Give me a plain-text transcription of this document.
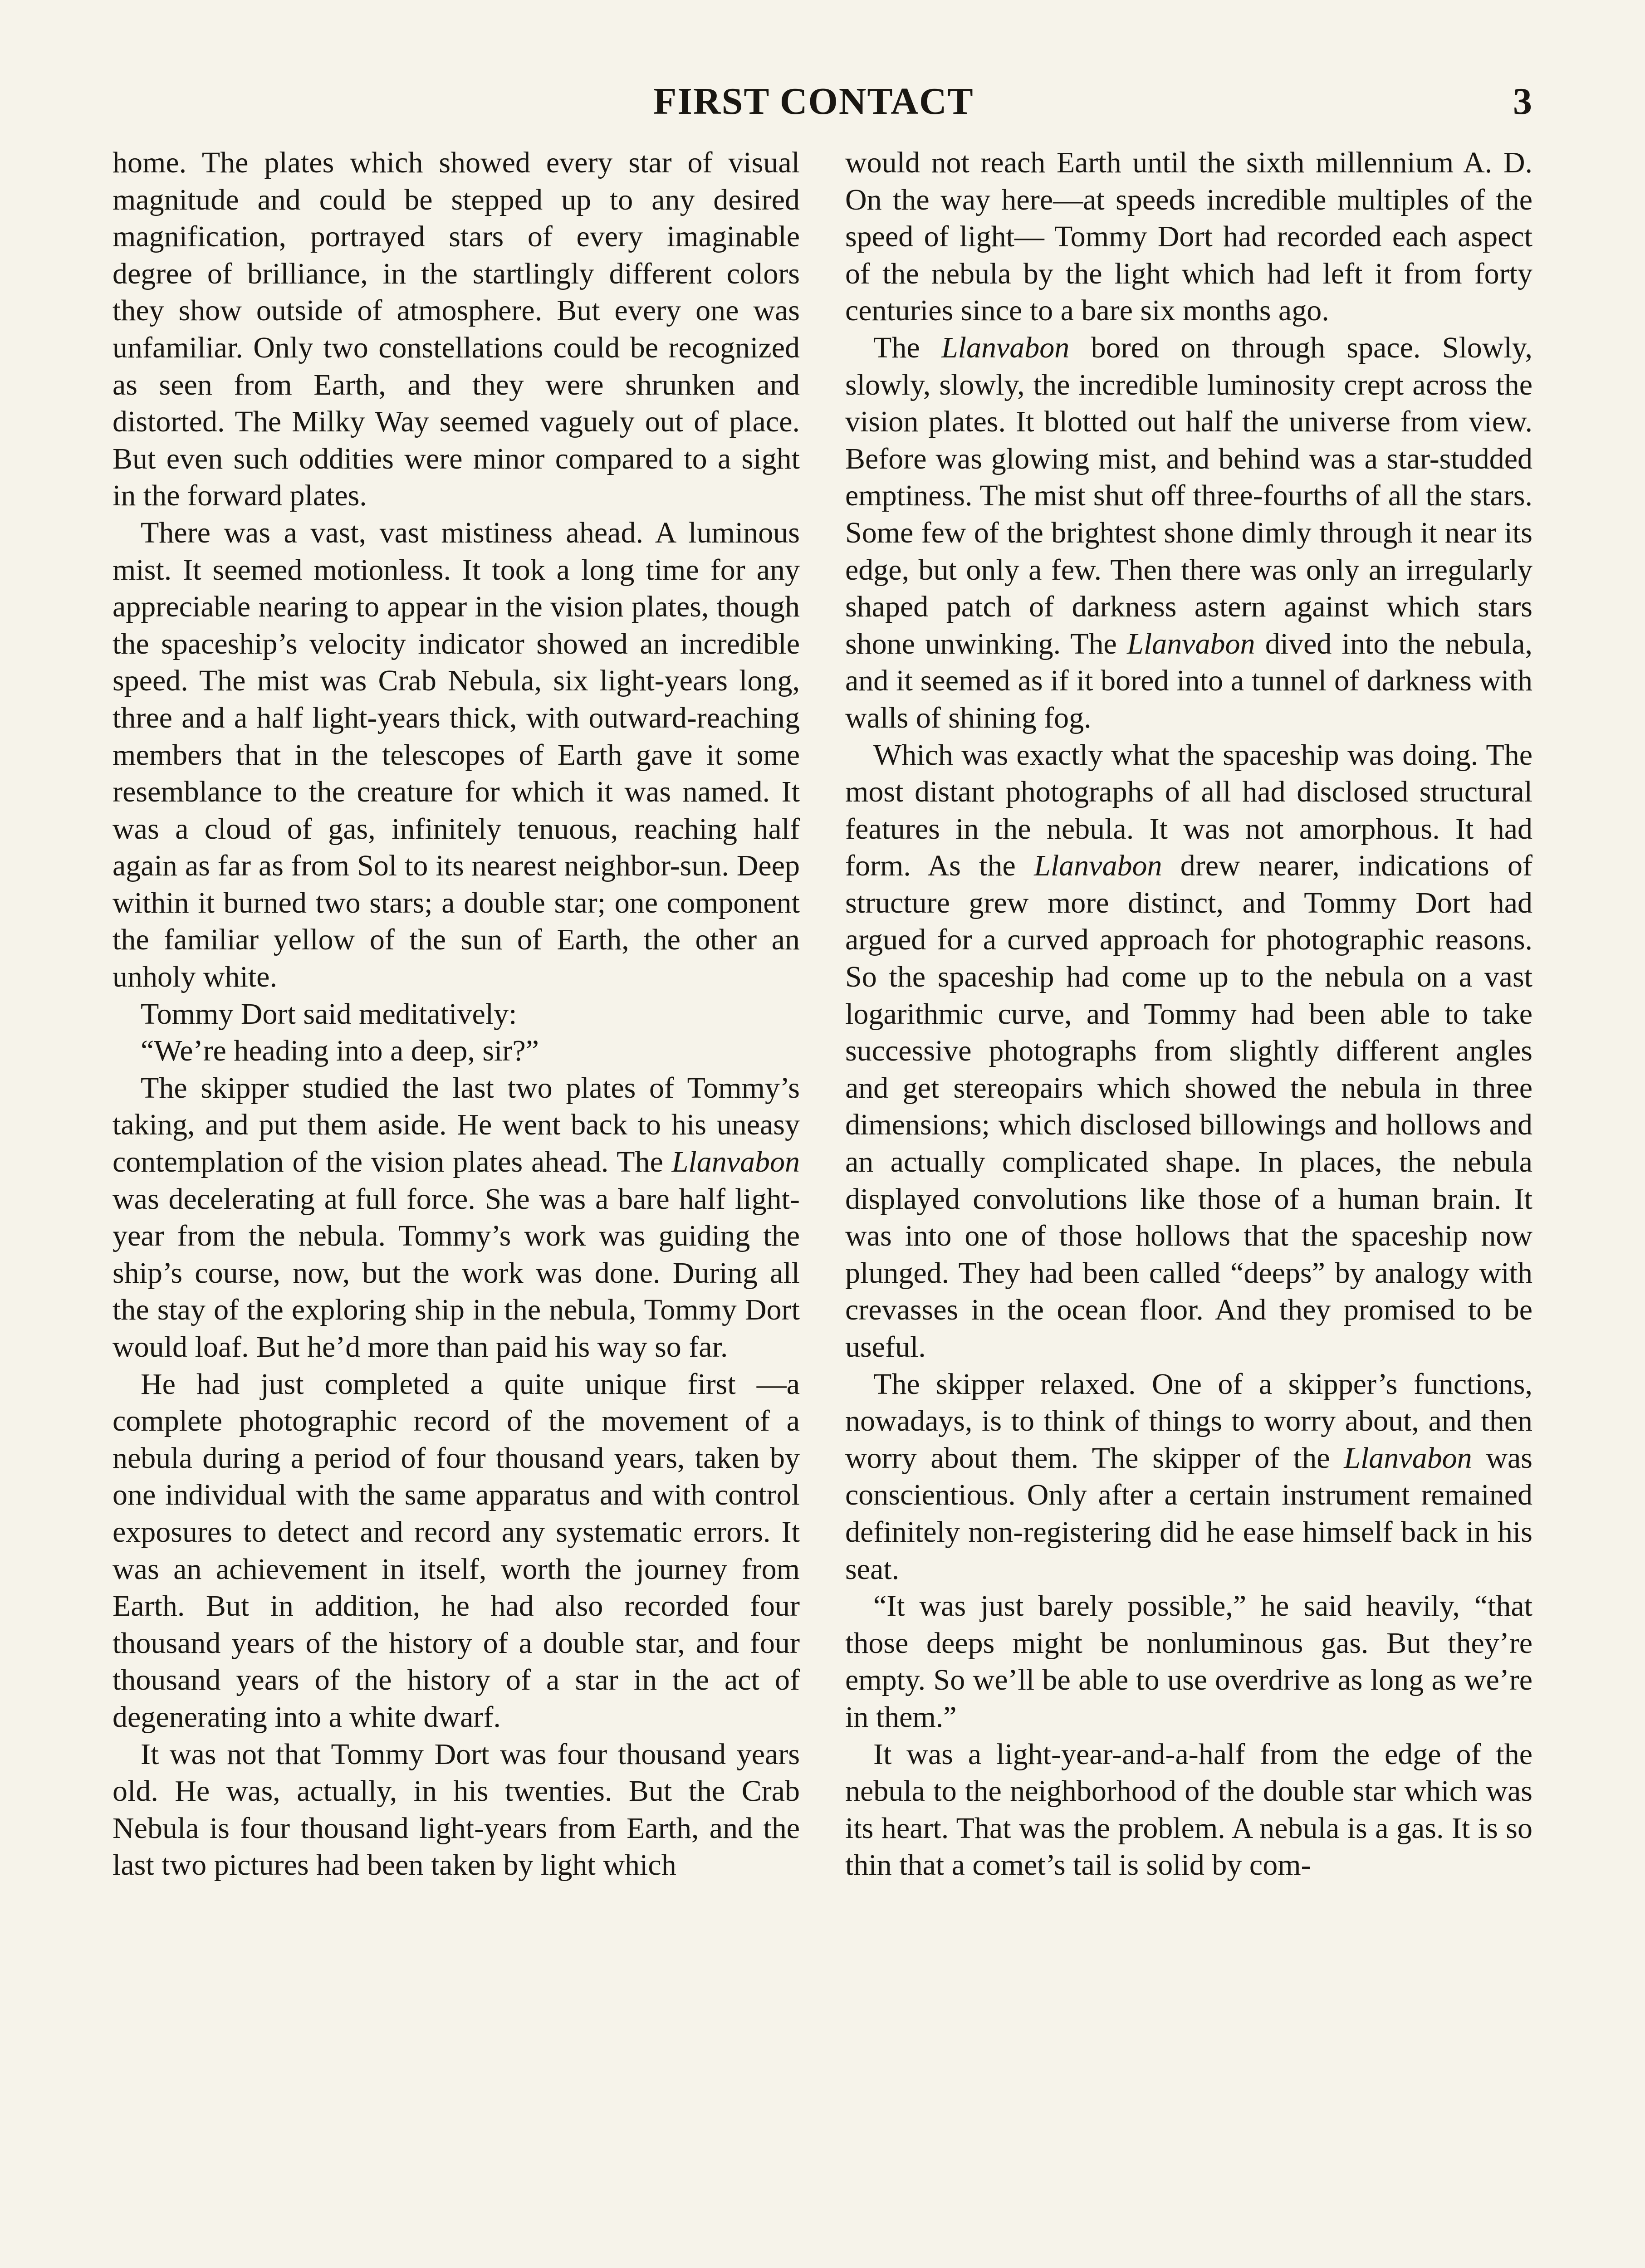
FIRST CONTACT	3

home. The plates which showed every star of visual magnitude and could be stepped up to any desired magnification, portrayed stars of every imaginable degree of brilliance, in the startlingly different colors they show outside of atmosphere. But every one was unfamiliar. Only two constellations could be recognized as seen from Earth, and they were shrunken and distorted. The Milky Way seemed vaguely out of place. But even such oddities were minor compared to a sight in the forward plates.

There was a vast, vast mistiness ahead. A luminous mist. It seemed motionless. It took a long time for any appreciable nearing to appear in the vision plates, though the spaceship’s velocity indicator showed an incredible speed. The mist was Crab Nebula, six light-years long, three and a half light-years thick, with outward-reaching members that in the telescopes of Earth gave it some resemblance to the creature for which it was named. It was a cloud of gas, infinitely tenuous, reaching half again as far as from Sol to its nearest neighbor-sun. Deep within it burned two stars; a double star; one component the familiar yellow of the sun of Earth, the other an unholy white.

Tommy Dort said meditatively:

“We’re heading into a deep, sir?”

The skipper studied the last two plates of Tommy’s taking, and put them aside. He went back to his uneasy contemplation of the vision plates ahead. The Llanvabon was decelerating at full force. She was a bare half light-year from the nebula. Tommy’s work was guiding the ship’s course, now, but the work was done. During all the stay of the exploring ship in the nebula, Tommy Dort would loaf. But he’d more than paid his way so far.

He had just completed a quite unique first —a complete photographic record of the movement of a nebula during a period of four thousand years, taken by one individual with the same apparatus and with control exposures to detect and record any systematic errors. It was an achievement in itself, worth the journey from Earth. But in addition, he had also recorded four thousand years of the history of a double star, and four thousand years of the history of a star in the act of degenerating into a white dwarf.

It was not that Tommy Dort was four thousand years old. He was, actually, in his twenties. But the Crab Nebula is four thousand light-years from Earth, and the last two pictures had been taken by light which

would not reach Earth until the sixth millennium A. D. On the way here—at speeds incredible multiples of the speed of light— Tommy Dort had recorded each aspect of the nebula by the light which had left it from forty centuries since to a bare six months ago.

The Llanvabon bored on through space. Slowly, slowly, slowly, the incredible luminosity crept across the vision plates. It blotted out half the universe from view. Before was glowing mist, and behind was a star-studded emptiness. The mist shut off three-fourths of all the stars. Some few of the brightest shone dimly through it near its edge, but only a few. Then there was only an irregularly shaped patch of darkness astern against which stars shone unwinking. The Llanvabon dived into the nebula, and it seemed as if it bored into a tunnel of darkness with walls of shining fog.

Which was exactly what the spaceship was doing. The most distant photographs of all had disclosed structural features in the nebula. It was not amorphous. It had form. As the Llanvabon drew nearer, indications of structure grew more distinct, and Tommy Dort had argued for a curved approach for photographic reasons. So the spaceship had come up to the nebula on a vast logarithmic curve, and Tommy had been able to take successive photographs from slightly different angles and get stereopairs which showed the nebula in three dimensions; which disclosed billowings and hollows and an actually complicated shape. In places, the nebula displayed convolutions like those of a human brain. It was into one of those hollows that the spaceship now plunged. They had been called “deeps” by analogy with crevasses in the ocean floor. And they promised to be useful.

The skipper relaxed. One of a skipper’s functions, nowadays, is to think of things to worry about, and then worry about them. The skipper of the Llanvabon was conscientious. Only after a certain instrument remained definitely non-registering did he ease himself back in his seat.

“It was just barely possible,” he said heavily, “that those deeps might be nonluminous gas. But they’re empty. So we’ll be able to use overdrive as long as we’re in them.”

It was a light-year-and-a-half from the edge of the nebula to the neighborhood of the double star which was its heart. That was the problem. A nebula is a gas. It is so thin that a comet’s tail is solid by com-
